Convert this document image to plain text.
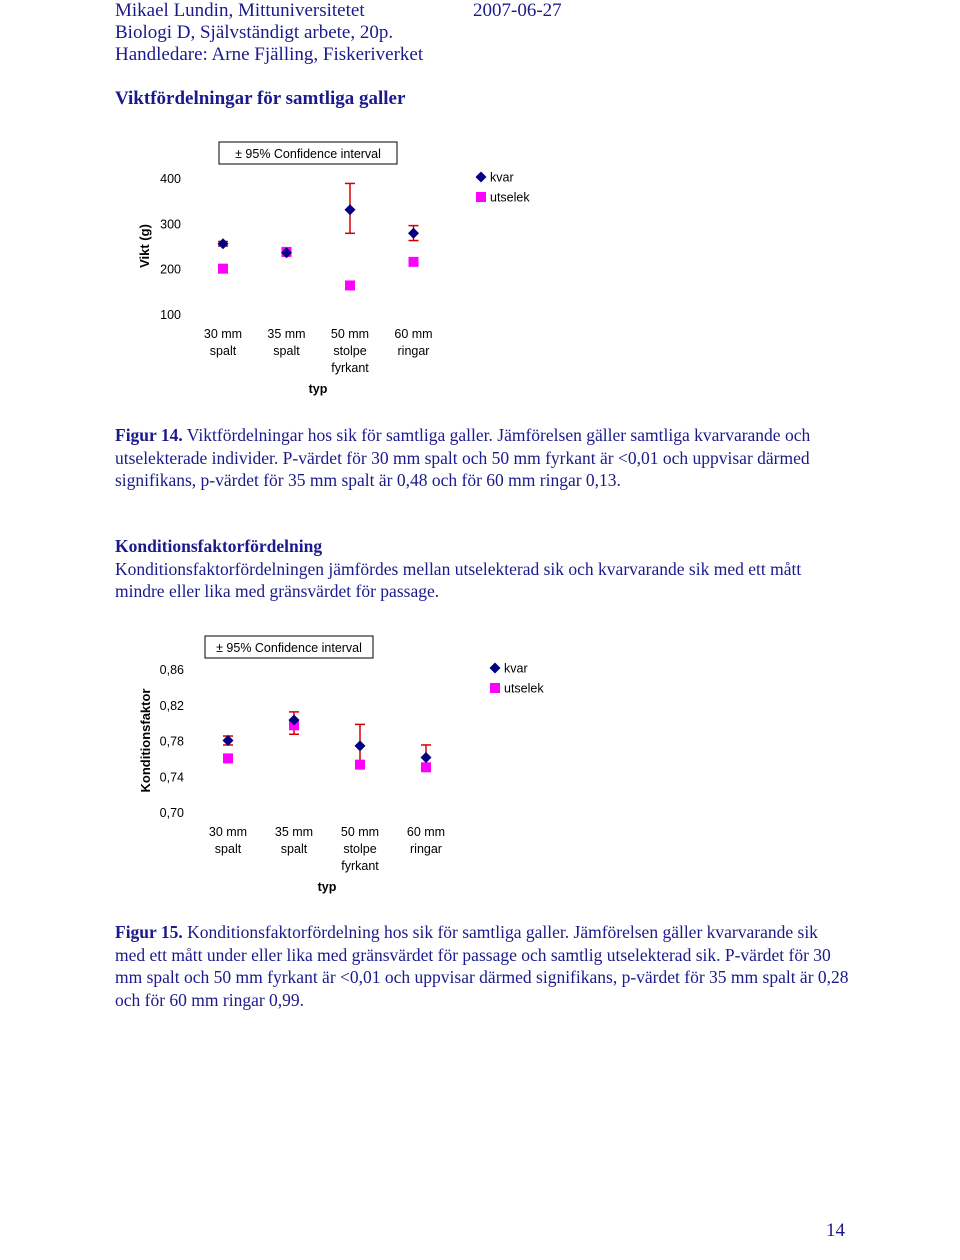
Mikael Lundin, Mittuniversitetet	2007-06-27
Biologi D, Självständigt arbete, 20p.
Handledare: Arne Fjälling, Fiskeriverket
Viktfördelningar för samtliga galler
Vikt (g)
100
200
300
400
± 95% Confidence interval
30 mm
spalt
35 mm
spalt
50 mm
stolpe
fyrkant
60 mm
ringar
typ
kvar
utselek
Figur 14. Viktfördelningar hos sik för samtliga galler. Jämförelsen gäller samtliga kvarvarande och utselekterade individer. P-värdet för 30 mm spalt och 50 mm fyrkant är <0,01 och uppvisar därmed signifikans, p-värdet för 35 mm spalt är 0,48 och för 60 mm ringar 0,13.
Konditionsfaktorfördelning
Konditionsfaktorfördelningen jämfördes mellan utselekterad sik och kvarvarande sik med ett mått mindre eller lika med gränsvärdet för passage.
Konditionsfaktor
0,70
0,74
0,78
0,82
0,86
± 95% Confidence interval
30 mm
spalt
35 mm
spalt
50 mm
stolpe
fyrkant
60 mm
ringar
typ
kvar
utselek
Figur 15. Konditionsfaktorfördelning hos sik för samtliga galler. Jämförelsen gäller kvarvarande sik med ett mått under eller lika med gränsvärdet för passage och samtlig utselekterad sik. P-värdet för 30 mm spalt och 50 mm fyrkant är <0,01 och uppvisar därmed signifikans, p-värdet för 35 mm spalt är 0,28 och för 60 mm ringar 0,99.
14
